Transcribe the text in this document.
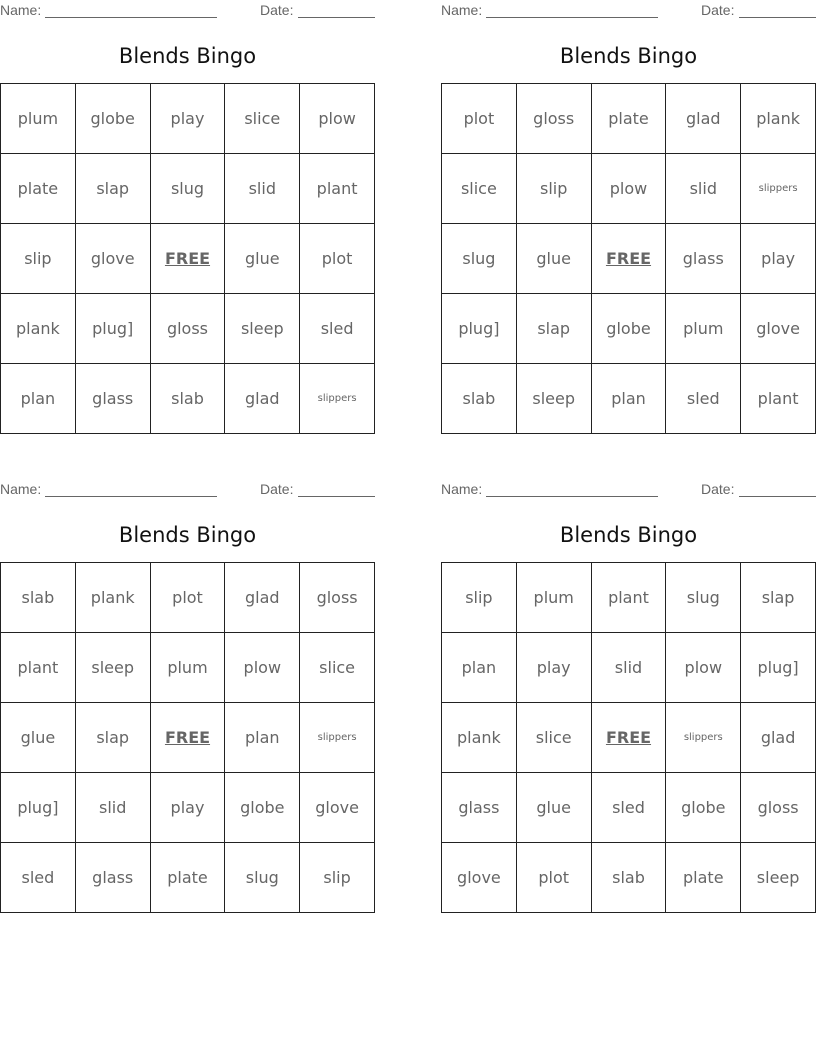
Name:	Date:
Blends Bingo
plum	globe	play	slice	plow
plate	slap	slug	slid	plant
slip	glove	FREE	glue	plot
plank	plug]	gloss	sleep	sled
plan	glass	slab	glad	slippers
Name:	Date:
Blends Bingo
plot	gloss	plate	glad	plank
slice	slip	plow	slid	slippers
slug	glue	FREE	glass	play
plug]	slap	globe	plum	glove
slab	sleep	plan	sled	plant
Name:	Date:
Blends Bingo
slab	plank	plot	glad	gloss
plant	sleep	plum	plow	slice
glue	slap	FREE	plan	slippers
plug]	slid	play	globe	glove
sled	glass	plate	slug	slip
Name:	Date:
Blends Bingo
slip	plum	plant	slug	slap
plan	play	slid	plow	plug]
plank	slice	FREE	slippers	glad
glass	glue	sled	globe	gloss
glove	plot	slab	plate	sleep
